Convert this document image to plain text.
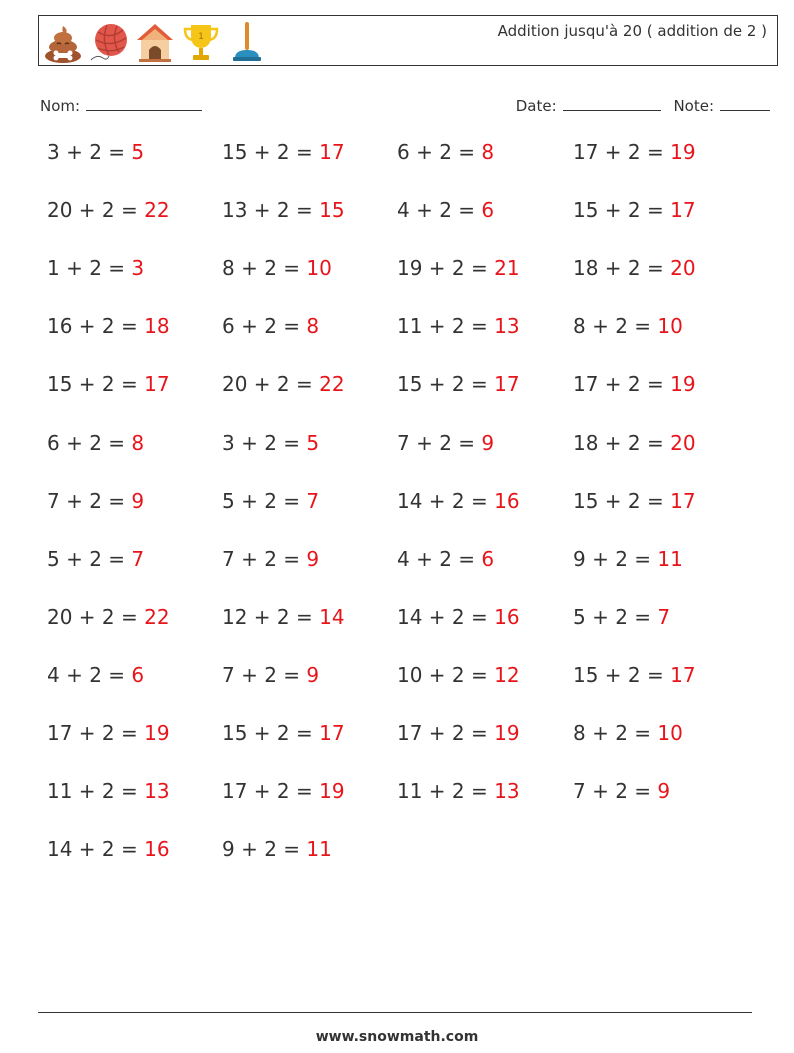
1	Addition jusqu'à 20 ( addition de 2 )
Nom:	Date:	Note:
3 + 2 = 5	15 + 2 = 17	6 + 2 = 8	17 + 2 = 19
20 + 2 = 22	13 + 2 = 15	4 + 2 = 6	15 + 2 = 17
1 + 2 = 3	8 + 2 = 10	19 + 2 = 21	18 + 2 = 20
16 + 2 = 18	6 + 2 = 8	11 + 2 = 13	8 + 2 = 10
15 + 2 = 17	20 + 2 = 22	15 + 2 = 17	17 + 2 = 19
6 + 2 = 8	3 + 2 = 5	7 + 2 = 9	18 + 2 = 20
7 + 2 = 9	5 + 2 = 7	14 + 2 = 16	15 + 2 = 17
5 + 2 = 7	7 + 2 = 9	4 + 2 = 6	9 + 2 = 11
20 + 2 = 22	12 + 2 = 14	14 + 2 = 16	5 + 2 = 7
4 + 2 = 6	7 + 2 = 9	10 + 2 = 12	15 + 2 = 17
17 + 2 = 19	15 + 2 = 17	17 + 2 = 19	8 + 2 = 10
11 + 2 = 13	17 + 2 = 19	11 + 2 = 13	7 + 2 = 9
14 + 2 = 16	9 + 2 = 11
www.snowmath.com
